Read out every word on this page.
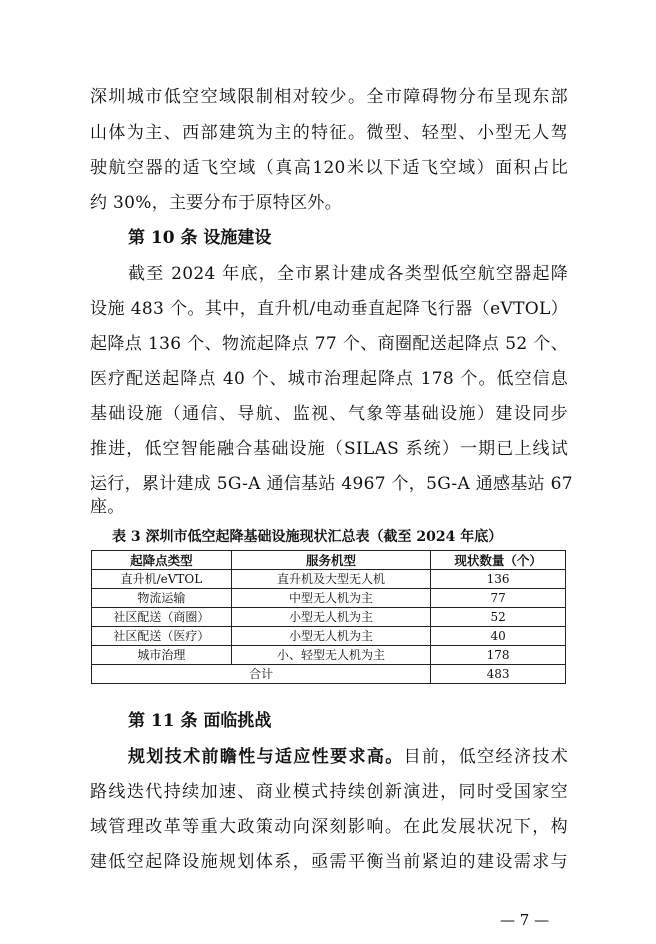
深圳城市低空空域限制相对较少。全市障碍物分布呈现东部
山体为主、西部建筑为主的特征。微型、轻型、小型无人驾
驶航空器的适飞空域（真高120米以下适飞空域）面积占比
约 30%，主要分布于原特区外。
第 10 条 设施建设
截至 2024 年底，全市累计建成各类型低空航空器起降
设施 483 个。其中，直升机/电动垂直起降飞行器（eVTOL）
起降点 136 个、物流起降点 77 个、商圈配送起降点 52 个、
医疗配送起降点 40 个、城市治理起降点 178 个。低空信息
基础设施（通信、导航、监视、气象等基础设施）建设同步
推进，低空智能融合基础设施（SILAS 系统）一期已上线试
运行，累计建成 5G-A 通信基站 4967 个，5G-A 通感基站 67
座。
表 3 深圳市低空起降基础设施现状汇总表（截至 2024 年底）
起降点类型	服务机型	现状数量（个）
直升机/eVTOL	直升机及大型无人机	136
物流运输	中型无人机为主	77
社区配送（商圈）	小型无人机为主	52
社区配送（医疗）	小型无人机为主	40
城市治理	小、轻型无人机为主	178
合计		483
第 11 条 面临挑战
规划技术前瞻性与适应性要求高。目前，低空经济技术
路线迭代持续加速、商业模式持续创新演进，同时受国家空
域管理改革等重大政策动向深刻影响。在此发展状况下，构
建低空起降设施规划体系，亟需平衡当前紧迫的建设需求与
— 7 —
